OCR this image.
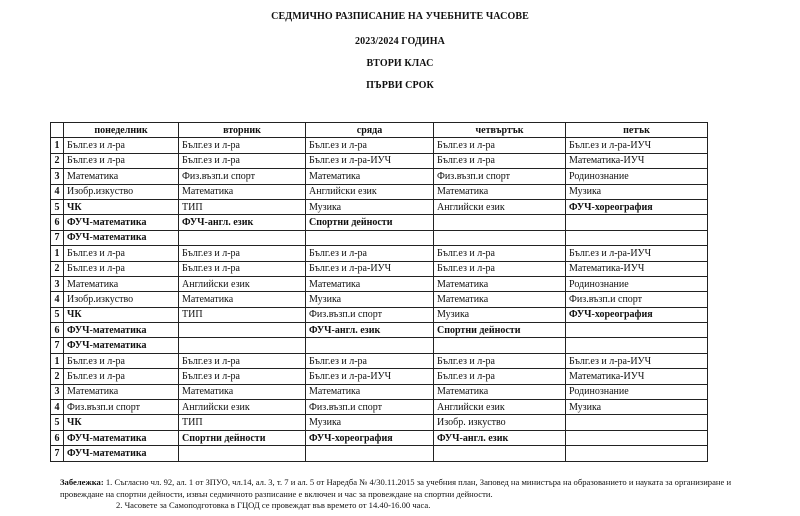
СЕДМИЧНО РАЗПИСАНИЕ НА УЧЕБНИТЕ ЧАСОВЕ
2023/2024 ГОДИНА
ВТОРИ КЛАС
ПЪРВИ СРОК
	понеделник	вторник	сряда	четвъртък	петък
1	Бълг.ез и л-ра	Бълг.ез и л-ра	Бълг.ез и л-ра	Бълг.ез и л-ра	Бълг.ез и л-ра-ИУЧ
2	Бълг.ез и л-ра	Бълг.ез и л-ра	Бълг.ез и л-ра-ИУЧ	Бълг.ез и л-ра	Математика-ИУЧ
3	Математика	Физ.възп.и спорт	Математика	Физ.възп.и спорт	Родинознание
4	Изобр.изкуство	Математика	Английски език	Математика	Музика
5	ЧК	ТИП	Музика	Английски език	ФУЧ-хореография
6	ФУЧ-математика	ФУЧ-англ. език	Спортни дейности		
7	ФУЧ-математика				
1	Бълг.ез и л-ра	Бълг.ез и л-ра	Бълг.ез и л-ра	Бълг.ез и л-ра	Бълг.ез и л-ра-ИУЧ
2	Бълг.ез и л-ра	Бълг.ез и л-ра	Бълг.ез и л-ра-ИУЧ	Бълг.ез и л-ра	Математика-ИУЧ
3	Математика	Английски език	Математика	Математика	Родинознание
4	Изобр.изкуство	Математика	Музика	Математика	Физ.възп.и спорт
5	ЧК	ТИП	Физ.възп.и спорт	Музика	ФУЧ-хореография
6	ФУЧ-математика		ФУЧ-англ. език	Спортни дейности	
7	ФУЧ-математика				
1	Бълг.ез и л-ра	Бълг.ез и л-ра	Бълг.ез и л-ра	Бълг.ез и л-ра	Бълг.ез и л-ра-ИУЧ
2	Бълг.ез и л-ра	Бълг.ез и л-ра	Бълг.ез и л-ра-ИУЧ	Бълг.ез и л-ра	Математика-ИУЧ
3	Математика	Математика	Математика	Математика	Родинознание
4	Физ.възп.и спорт	Английски език	Физ.възп.и спорт	Английски език	Музика
5	ЧК	ТИП	Музика	Изобр. изкуство	
6	ФУЧ-математика	Спортни дейности	ФУЧ-хореография	ФУЧ-англ. език	
7	ФУЧ-математика				
Забележка: 1. Съгласно чл. 92, ал. 1 от ЗПУО, чл.14, ал. 3, т. 7 и ал. 5 от Наредба № 4/30.11.2015 за учебния план, Заповед на министъра на образованието и науката за организиране и провеждане на спортни дейности, извън седмичното разписание е включен и час за провеждане на спортни дейности.
2. Часовете за Самоподготовка в ГЦОД се провеждат във времето от 14.40-16.00 часа.
